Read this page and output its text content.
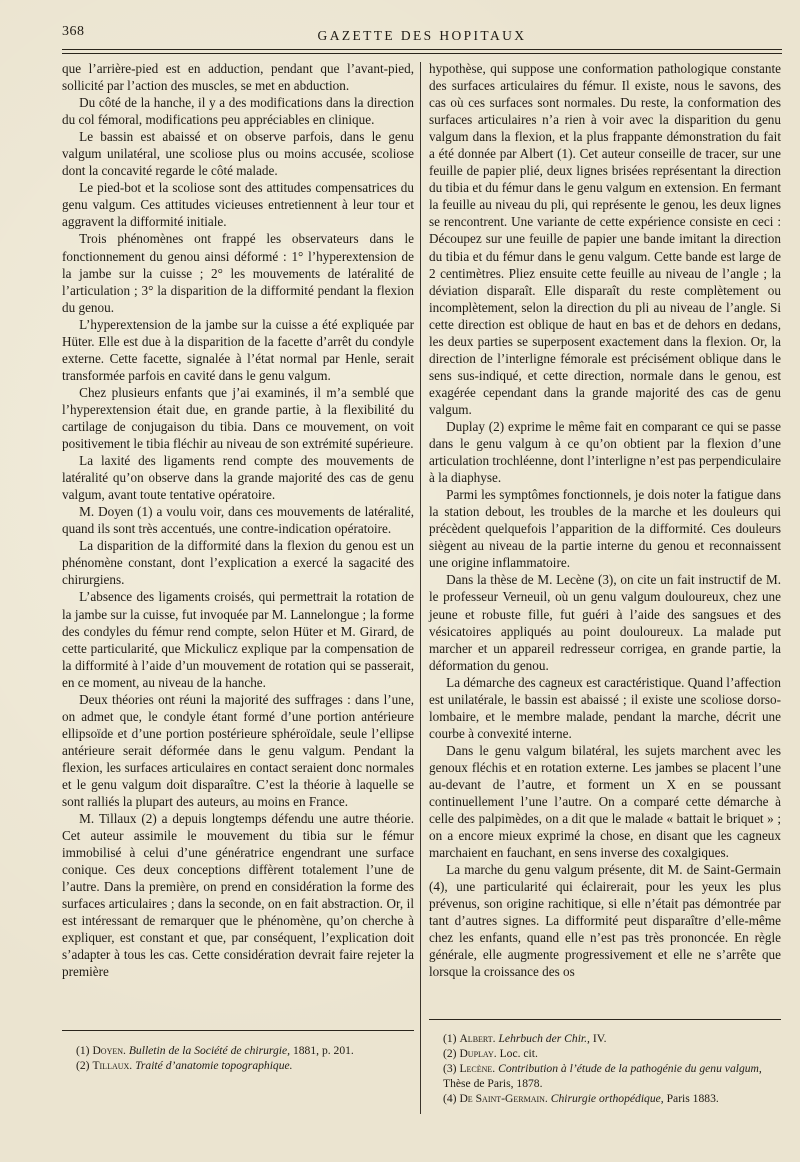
368	GAZETTE DES HOPITAUX

que l’arrière-pied est en adduction, pendant que l’avant-pied, sollicité par l’action des muscles, se met en abduction.

Du côté de la hanche, il y a des modifications dans la direction du col fémoral, modifications peu appréciables en clinique.

Le bassin est abaissé et on observe parfois, dans le genu valgum unilatéral, une scoliose plus ou moins accusée, scoliose dont la concavité regarde le côté malade.

Le pied-bot et la scoliose sont des attitudes compensatrices du genu valgum. Ces attitudes vicieuses entretiennent à leur tour et aggravent la difformité initiale.

Trois phénomènes ont frappé les observateurs dans le fonctionnement du genou ainsi déformé : 1° l’hyperextension de la jambe sur la cuisse ; 2° les mouvements de latéralité de l’articulation ; 3° la disparition de la difformité pendant la flexion du genou.

L’hyperextension de la jambe sur la cuisse a été expliquée par Hüter. Elle est due à la disparition de la facette d’arrêt du condyle externe. Cette facette, signalée à l’état normal par Henle, serait transformée parfois en cavité dans le genu valgum.

Chez plusieurs enfants que j’ai examinés, il m’a semblé que l’hyperextension était due, en grande partie, à la flexibilité du cartilage de conjugaison du tibia. Dans ce mouvement, on voit positivement le tibia fléchir au niveau de son extrémité supérieure.

La laxité des ligaments rend compte des mouvements de latéralité qu’on observe dans la grande majorité des cas de genu valgum, avant toute tentative opératoire.

M. Doyen (1) a voulu voir, dans ces mouvements de latéralité, quand ils sont très accentués, une contre-indication opératoire.

La disparition de la difformité dans la flexion du genou est un phénomène constant, dont l’explication a exercé la sagacité des chirurgiens.

L’absence des ligaments croisés, qui permettrait la rotation de la jambe sur la cuisse, fut invoquée par M. Lannelongue ; la forme des condyles du fémur rend compte, selon Hüter et M. Girard, de cette particularité, que Mickulicz explique par la compensation de la difformité à l’aide d’un mouvement de rotation qui se passerait, en ce moment, au niveau de la hanche.

Deux théories ont réuni la majorité des suffrages : dans l’une, on admet que, le condyle étant formé d’une portion antérieure ellipsoïde et d’une portion postérieure sphéroïdale, seule l’ellipse antérieure serait déformée dans le genu valgum. Pendant la flexion, les surfaces articulaires en contact seraient donc normales et le genu valgum doit disparaître. C’est la théorie à laquelle se sont ralliés la plupart des auteurs, au moins en France.

M. Tillaux (2) a depuis longtemps défendu une autre théorie. Cet auteur assimile le mouvement du tibia sur le fémur immobilisé à celui d’une génératrice engendrant une surface conique. Ces deux conceptions diffèrent totalement l’une de l’autre. Dans la première, on prend en considération la forme des surfaces articulaires ; dans la seconde, on en fait abstraction. Or, il est intéressant de remarquer que le phénomène, qu’on cherche à expliquer, est constant et que, par conséquent, l’explication doit s’adapter à tous les cas. Cette considération devrait faire rejeter la première

hypothèse, qui suppose une conformation pathologique constante des surfaces articulaires du fémur. Il existe, nous le savons, des cas où ces surfaces sont normales. Du reste, la conformation des surfaces articulaires n’a rien à voir avec la disparition du genu valgum dans la flexion, et la plus frappante démonstration du fait a été donnée par Albert (1). Cet auteur conseille de tracer, sur une feuille de papier plié, deux lignes brisées représentant la direction du tibia et du fémur dans le genu valgum en extension. En fermant la feuille au niveau du pli, qui représente le genou, les deux lignes se rencontrent. Une variante de cette expérience consiste en ceci : Découpez sur une feuille de papier une bande imitant la direction du tibia et du fémur dans le genu valgum. Cette bande est large de 2 centimètres. Pliez ensuite cette feuille au niveau de l’angle ; la déviation disparaît. Elle disparaît du reste complètement ou incomplètement, selon la direction du pli au niveau de l’angle. Si cette direction est oblique de haut en bas et de dehors en dedans, les deux parties se superposent exactement dans la flexion. Or, la direction de l’interligne fémorale est précisément oblique dans le sens sus-indiqué, et cette direction, normale dans le genou, est exagérée cependant dans la grande majorité des cas de genu valgum.

Duplay (2) exprime le même fait en comparant ce qui se passe dans le genu valgum à ce qu’on obtient par la flexion d’une articulation trochléenne, dont l’interligne n’est pas perpendiculaire à la diaphyse.

Parmi les symptômes fonctionnels, je dois noter la fatigue dans la station debout, les troubles de la marche et les douleurs qui précèdent quelquefois l’apparition de la difformité. Ces douleurs siègent au niveau de la partie interne du genou et reconnaissent une origine inflammatoire.

Dans la thèse de M. Lecène (3), on cite un fait instructif de M. le professeur Verneuil, où un genu valgum douloureux, chez une jeune et robuste fille, fut guéri à l’aide des sangsues et des vésicatoires appliqués au point douloureux. La malade put marcher et un appareil redresseur corrigea, en grande partie, la déformation du genou.

La démarche des cagneux est caractéristique. Quand l’affection est unilatérale, le bassin est abaissé ; il existe une scoliose dorso-lombaire, et le membre malade, pendant la marche, décrit une courbe à convexité interne.

Dans le genu valgum bilatéral, les sujets marchent avec les genoux fléchis et en rotation externe. Les jambes se placent l’une au-devant de l’autre, et forment un X en se poussant continuellement l’une l’autre. On a comparé cette démarche à celle des palpimèdes, on a dit que le malade « battait le briquet » ; on a encore mieux exprimé la chose, en disant que les cagneux marchaient en fauchant, en sens inverse des coxalgiques.

La marche du genu valgum présente, dit M. de Saint-Germain (4), une particularité qui éclairerait, pour les yeux les plus prévenus, son origine rachitique, si elle n’était pas démontrée par tant d’autres signes. La difformité peut disparaître d’elle-même chez les enfants, quand elle n’est pas très prononcée. En règle générale, elle augmente progressivement et elle ne s’arrête que lorsque la croissance des os

(1) Doyen. Bulletin de la Société de chirurgie, 1881, p. 201.

(2) Tillaux. Traité d’anatomie topographique.

(1) Albert. Lehrbuch der Chir., IV.

(2) Duplay. Loc. cit.

(3) Lecène. Contribution à l’étude de la pathogénie du genu valgum, Thèse de Paris, 1878.

(4) De Saint-Germain. Chirurgie orthopédique, Paris 1883.
